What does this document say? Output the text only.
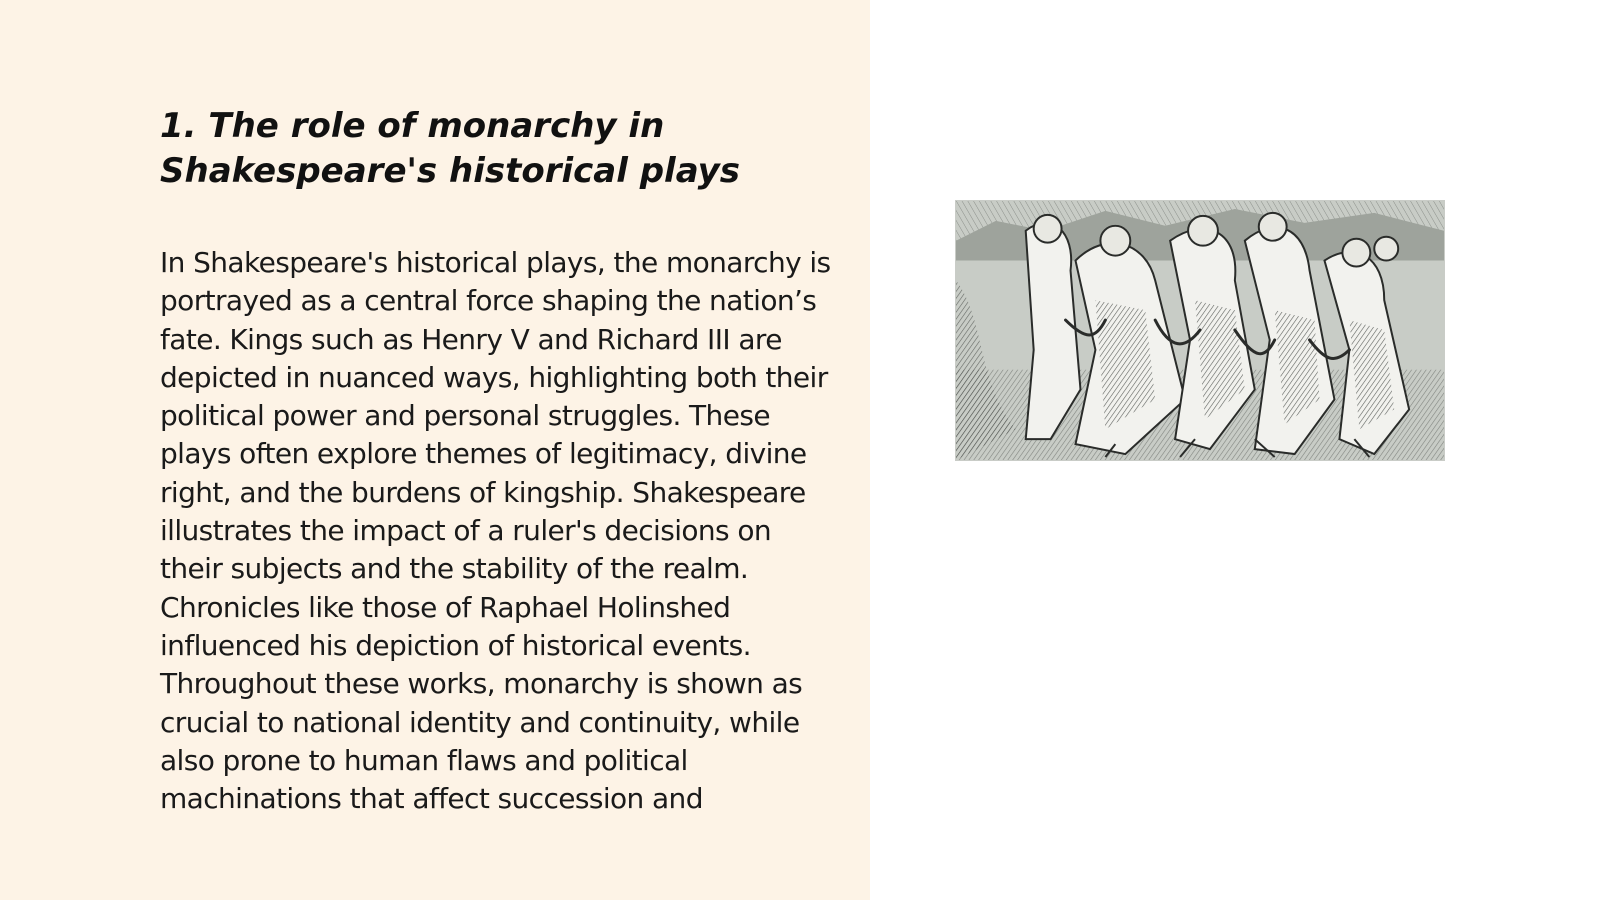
1. The role of monarchy in Shakespeare's historical plays

In Shakespeare's historical plays, the monarchy is portrayed as a central force shaping the nation’s fate. Kings such as Henry V and Richard III are depicted in nuanced ways, highlighting both their political power and personal struggles. These plays often explore themes of legitimacy, divine right, and the burdens of kingship. Shakespeare illustrates the impact of a ruler's decisions on their subjects and the stability of the realm. Chronicles like those of Raphael Holinshed influenced his depiction of historical events. Throughout these works, monarchy is shown as crucial to national identity and continuity, while also prone to human flaws and political machinations that affect succession and
